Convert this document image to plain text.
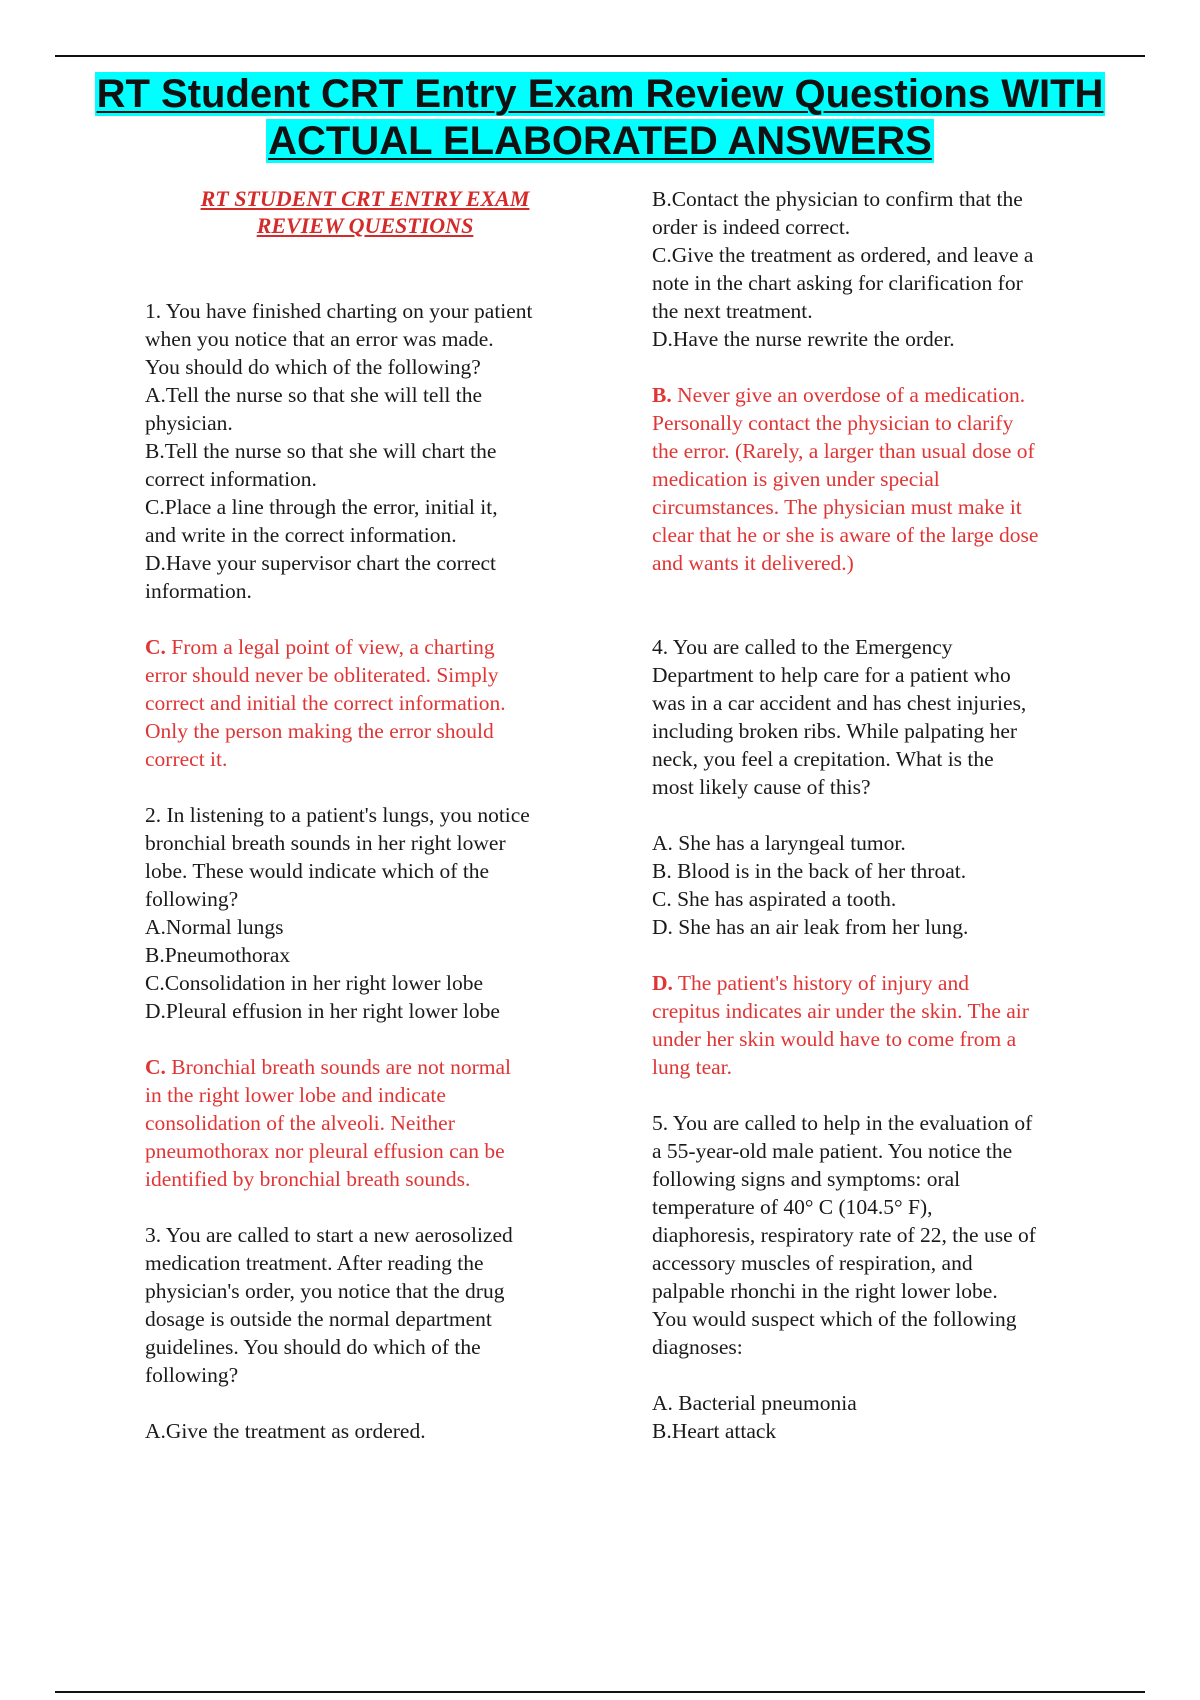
RT Student CRT Entry Exam Review Questions WITH
ACTUAL ELABORATED ANSWERS
RT STUDENT CRT ENTRY EXAM
REVIEW QUESTIONS
1. You have finished charting on your patient
when you notice that an error was made.
You should do which of the following?
A.Tell the nurse so that she will tell the
physician.
B.Tell the nurse so that she will chart the
correct information.
C.Place a line through the error, initial it,
and write in the correct information.
D.Have your supervisor chart the correct
information.
C. From a legal point of view, a charting
error should never be obliterated. Simply
correct and initial the correct information.
Only the person making the error should
correct it.
2. In listening to a patient's lungs, you notice
bronchial breath sounds in her right lower
lobe. These would indicate which of the
following?
A.Normal lungs
B.Pneumothorax
C.Consolidation in her right lower lobe
D.Pleural effusion in her right lower lobe
C. Bronchial breath sounds are not normal
in the right lower lobe and indicate
consolidation of the alveoli. Neither
pneumothorax nor pleural effusion can be
identified by bronchial breath sounds.
3. You are called to start a new aerosolized
medication treatment. After reading the
physician's order, you notice that the drug
dosage is outside the normal department
guidelines. You should do which of the
following?
A.Give the treatment as ordered.
B.Contact the physician to confirm that the
order is indeed correct.
C.Give the treatment as ordered, and leave a
note in the chart asking for clarification for
the next treatment.
D.Have the nurse rewrite the order.
B. Never give an overdose of a medication.
Personally contact the physician to clarify
the error. (Rarely, a larger than usual dose of
medication is given under special
circumstances. The physician must make it
clear that he or she is aware of the large dose
and wants it delivered.)
4. You are called to the Emergency
Department to help care for a patient who
was in a car accident and has chest injuries,
including broken ribs. While palpating her
neck, you feel a crepitation. What is the
most likely cause of this?
A. She has a laryngeal tumor.
B. Blood is in the back of her throat.
C. She has aspirated a tooth.
D. She has an air leak from her lung.
D. The patient's history of injury and
crepitus indicates air under the skin. The air
under her skin would have to come from a
lung tear.
5. You are called to help in the evaluation of
a 55-year-old male patient. You notice the
following signs and symptoms: oral
temperature of 40° C (104.5° F),
diaphoresis, respiratory rate of 22, the use of
accessory muscles of respiration, and
palpable rhonchi in the right lower lobe.
You would suspect which of the following
diagnoses:
A. Bacterial pneumonia
B.Heart attack
